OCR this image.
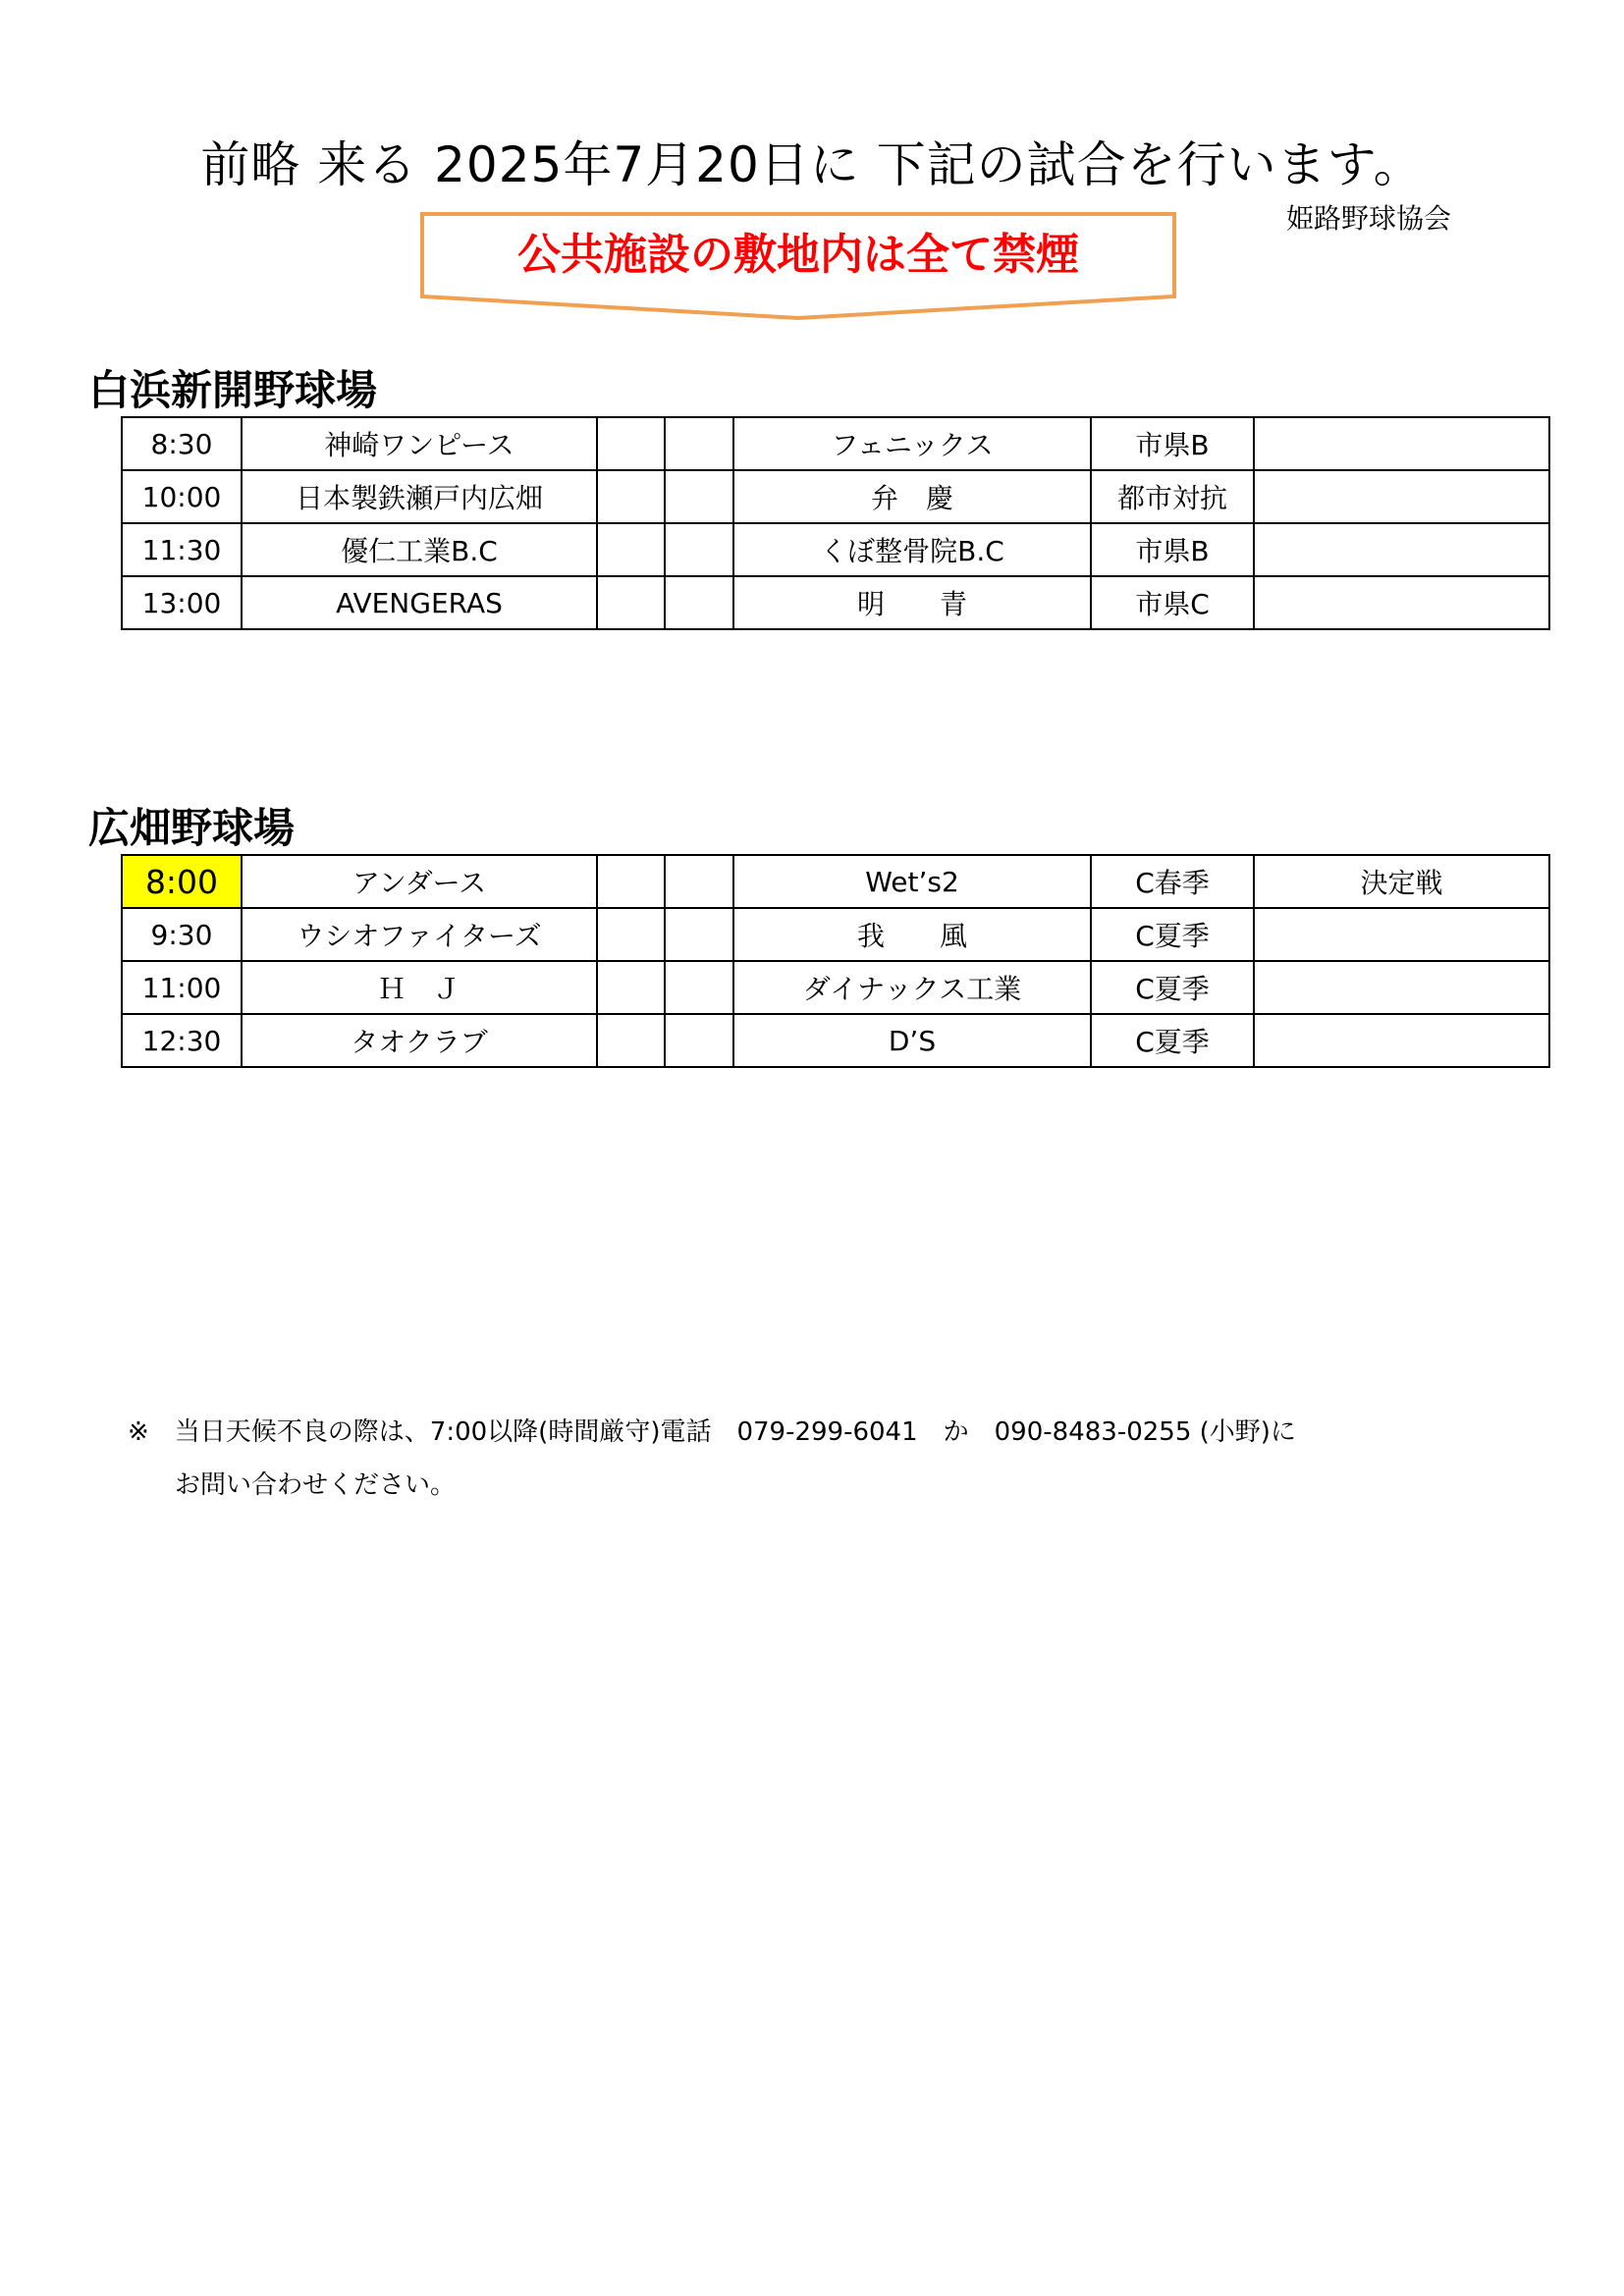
前略 来る 2025年7月20日に 下記の試合を行います。
姫路野球協会
公共施設の敷地内は全て禁煙
白浜新開野球場
8:30	神崎ワンピース			フェニックス	市県B	
10:00	日本製鉄瀬戸内広畑			弁　慶	都市対抗	
11:30	優仁工業B.C			くぼ整骨院B.C	市県B	
13:00	AVENGERAS			明　　青	市県C	
広畑野球場
8:00	アンダース			Wet’s2	C春季	決定戦
9:30	ウシオファイターズ			我　　風	C夏季	
11:00	Ｈ　Ｊ			ダイナックス工業	C夏季	
12:30	タオクラブ			D’S	C夏季	
※　当日天候不良の際は、7:00以降(時間厳守)電話　079-299-6041　か　090-8483-0255 (小野)に
お問い合わせください。
